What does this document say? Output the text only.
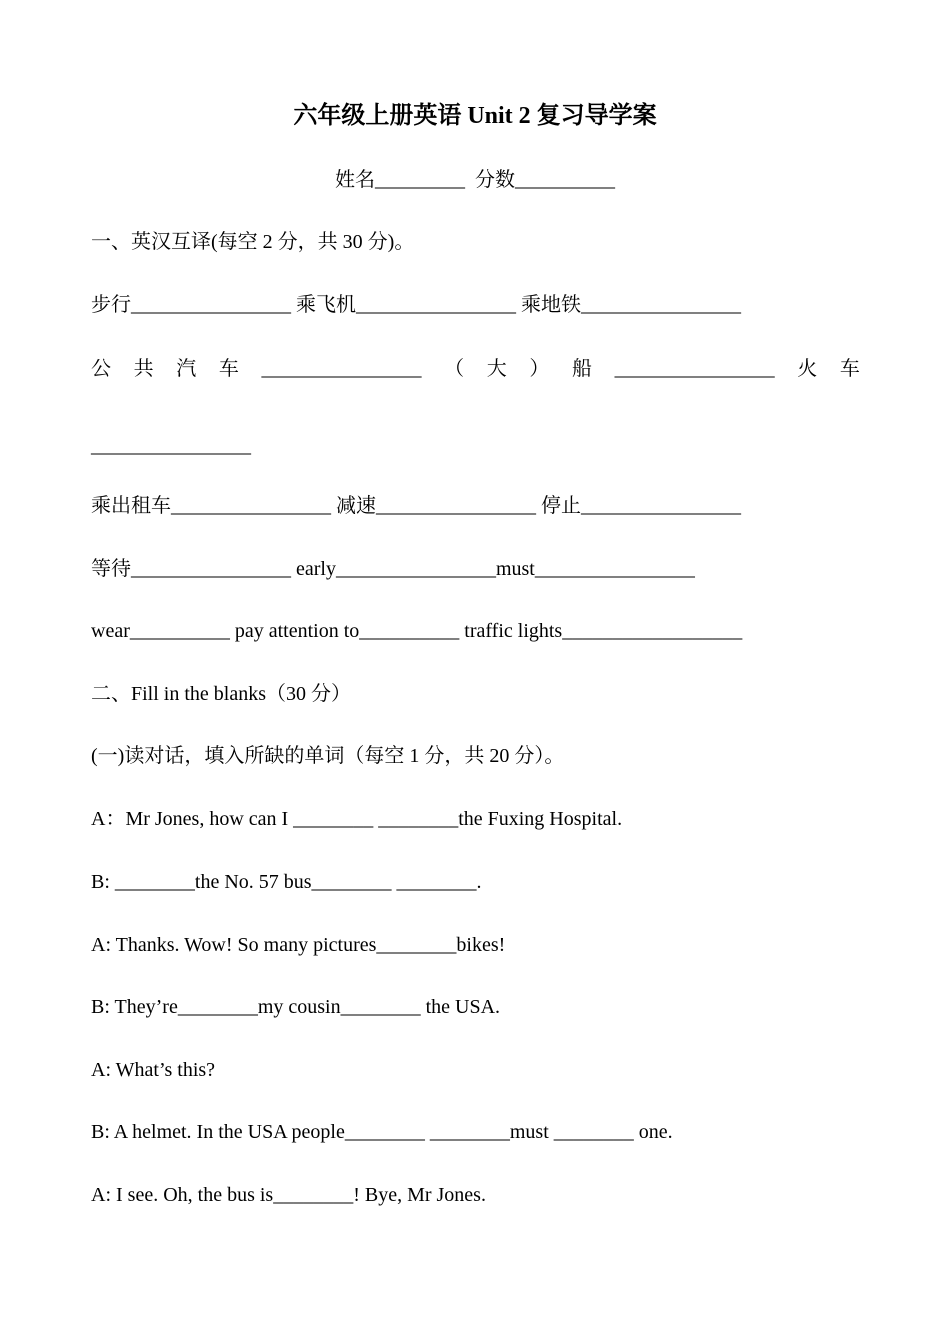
六年级上册英语 Unit 2 复习导学案
姓名_________  分数__________
一、英汉互译(每空 2 分，共 30 分)。
步行________________ 乘飞机________________ 乘地铁________________
公 共 汽 车 ________________ （ 大 ） 船 ________________ 火 车
________________
乘出租车________________ 减速________________ 停止________________
等待________________ early________________must________________
wear__________ pay attention to__________ traffic lights__________________
二、Fill in the blanks（30 分）
(一)读对话，填入所缺的单词（每空 1 分，共 20 分）。
A：Mr Jones, how can I ________ ________the Fuxing Hospital.
B: ________the No. 57 bus________ ________.
A: Thanks. Wow! So many pictures________bikes!
B: They’re________my cousin________ the USA.
A: What’s this?
B: A helmet. In the USA people________ ________must ________ one.
A: I see. Oh, the bus is________! Bye, Mr Jones.
